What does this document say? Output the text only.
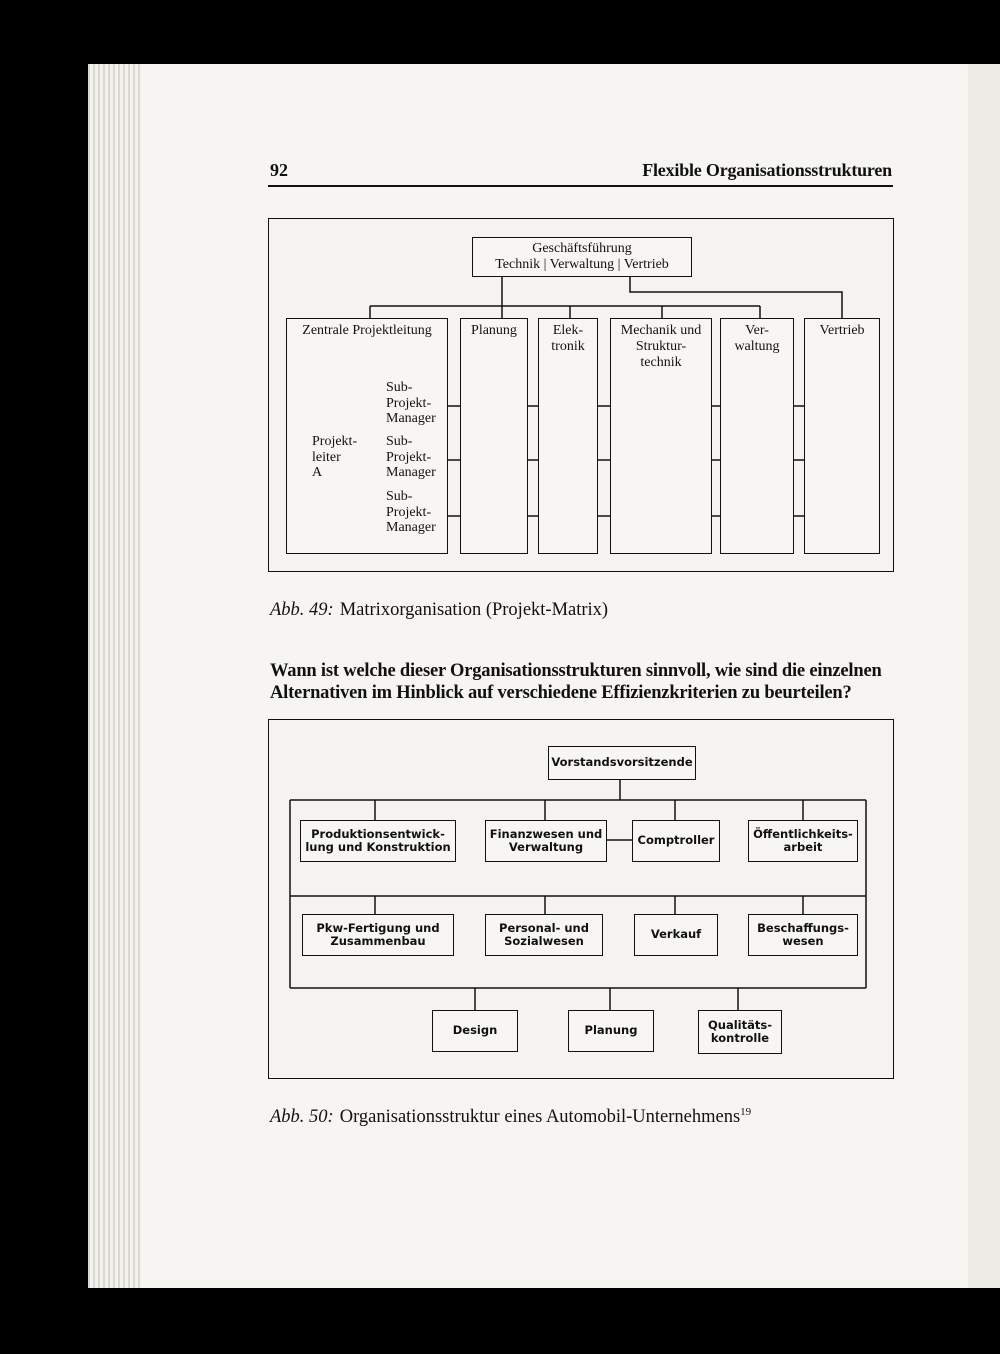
92	Flexible Organisationsstrukturen
Geschäftsführung
Technik | Verwaltung | Vertrieb
Zentrale Projektleitung	Planung	Elek-
tronik
Mechanik und
Struktur-
technik
Ver-
waltung
Vertrieb
Projekt-
leiter
A
Sub-
Projekt-
Manager
Sub-
Projekt-
Manager
Sub-
Projekt-
Manager
Abb. 49: Matrixorganisation (Projekt-Matrix)
Wann ist welche dieser Organisationsstrukturen sinnvoll, wie sind die einzelnen Alternativen im Hinblick auf verschiedene Effizienzkriterien zu beurteilen?
Vorstandsvorsitzende
Produktionsentwick-
lung und Konstruktion
Finanzwesen und
Verwaltung	Comptroller	Öffentlichkeits-
arbeit
Pkw-Fertigung und
Zusammenbau
Personal- und
Sozialwesen	Verkauf	Beschaffungs-
wesen
Design	Planung	Qualitäts-
kontrolle
Abb. 50: Organisationsstruktur eines Automobil-Unternehmens$^{19}$
